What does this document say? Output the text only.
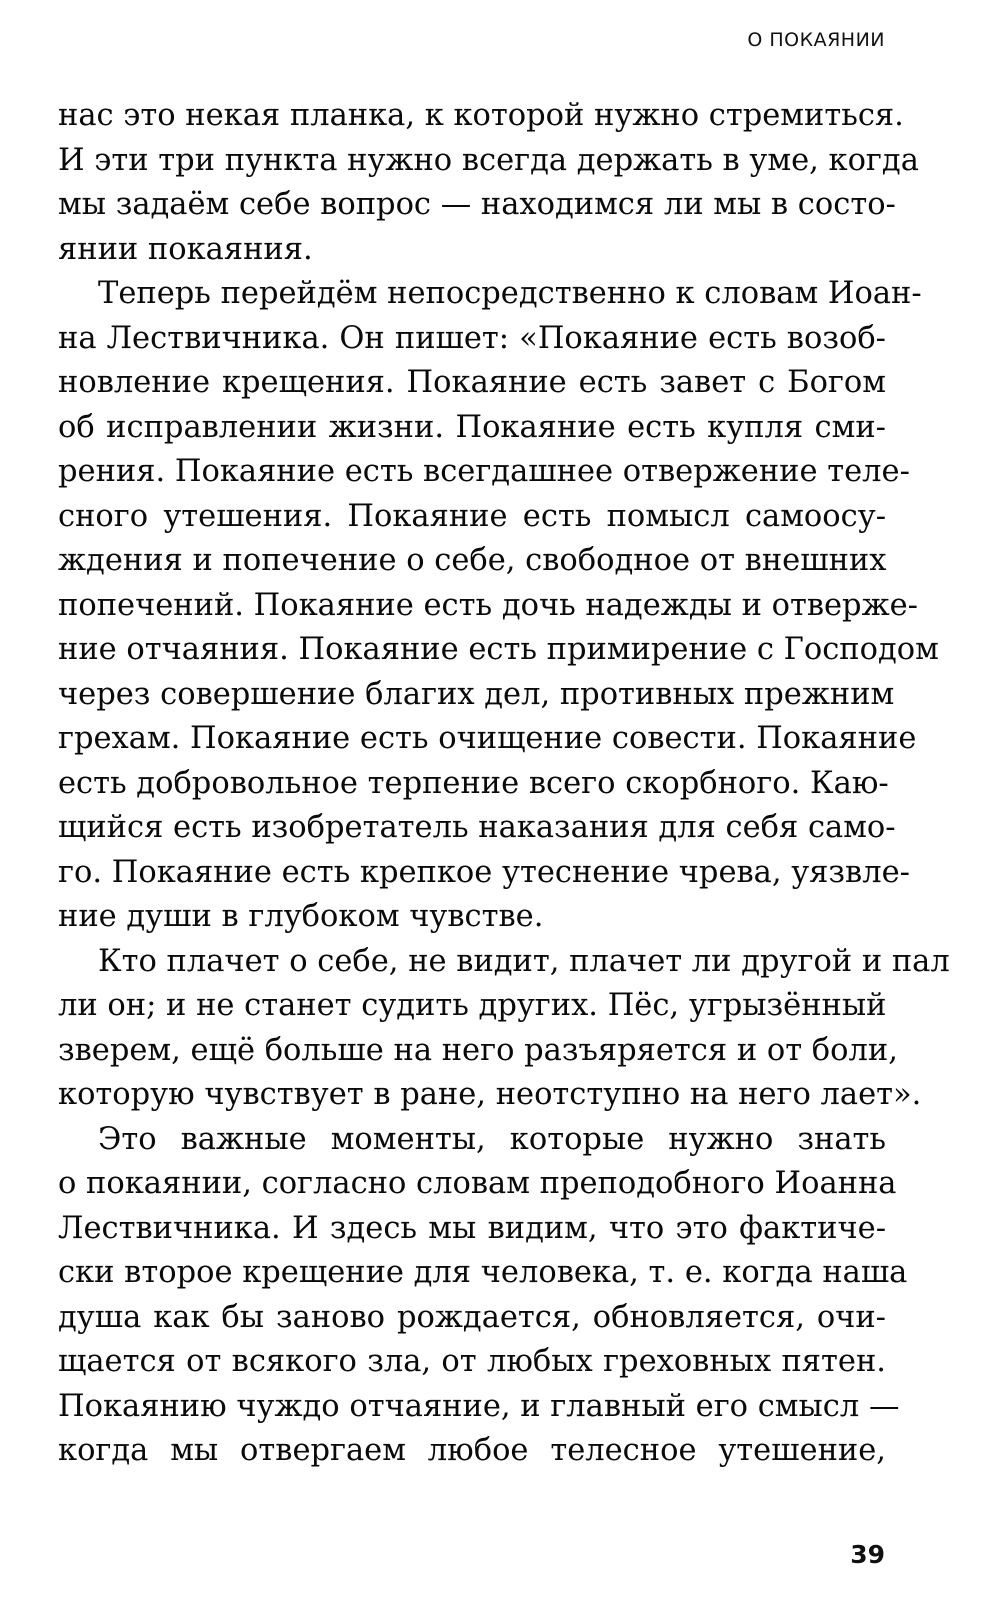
О ПОКАЯНИИ
нас это некая планка, к которой нужно стремиться.
И эти три пункта нужно всегда держать в уме, когда
мы задаём себе вопрос — находимся ли мы в состо-
янии покаяния.
Теперь перейдём непосредственно к словам Иоан-
на Лествичника. Он пишет: «Покаяние есть возоб-
новление крещения. Покаяние есть завет с Богом
об исправлении жизни. Покаяние есть купля сми-
рения. Покаяние есть всегдашнее отвержение теле-
сного утешения. Покаяние есть помысл самоосу-
ждения и попечение о себе, свободное от внешних
попечений. Покаяние есть дочь надежды и отверже-
ние отчаяния. Покаяние есть примирение с Господом
через совершение благих дел, противных прежним
грехам. Покаяние есть очищение совести. Покаяние
есть добровольное терпение всего скорбного. Каю-
щийся есть изобретатель наказания для себя само-
го. Покаяние есть крепкое утеснение чрева, уязвле-
ние души в глубоком чувстве.
Кто плачет о себе, не видит, плачет ли другой и пал
ли он; и не станет судить других. Пёс, угрызённый
зверем, ещё больше на него разъяряется и от боли,
которую чувствует в ране, неотступно на него лает».
Это важные моменты, которые нужно знать
о покаянии, согласно словам преподобного Иоанна
Лествичника. И здесь мы видим, что это фактиче-
ски второе крещение для человека, т. е. когда наша
душа как бы заново рождается, обновляется, очи-
щается от всякого зла, от любых греховных пятен.
Покаянию чуждо отчаяние, и главный его смысл —
когда мы отвергаем любое телесное утешение,
39
